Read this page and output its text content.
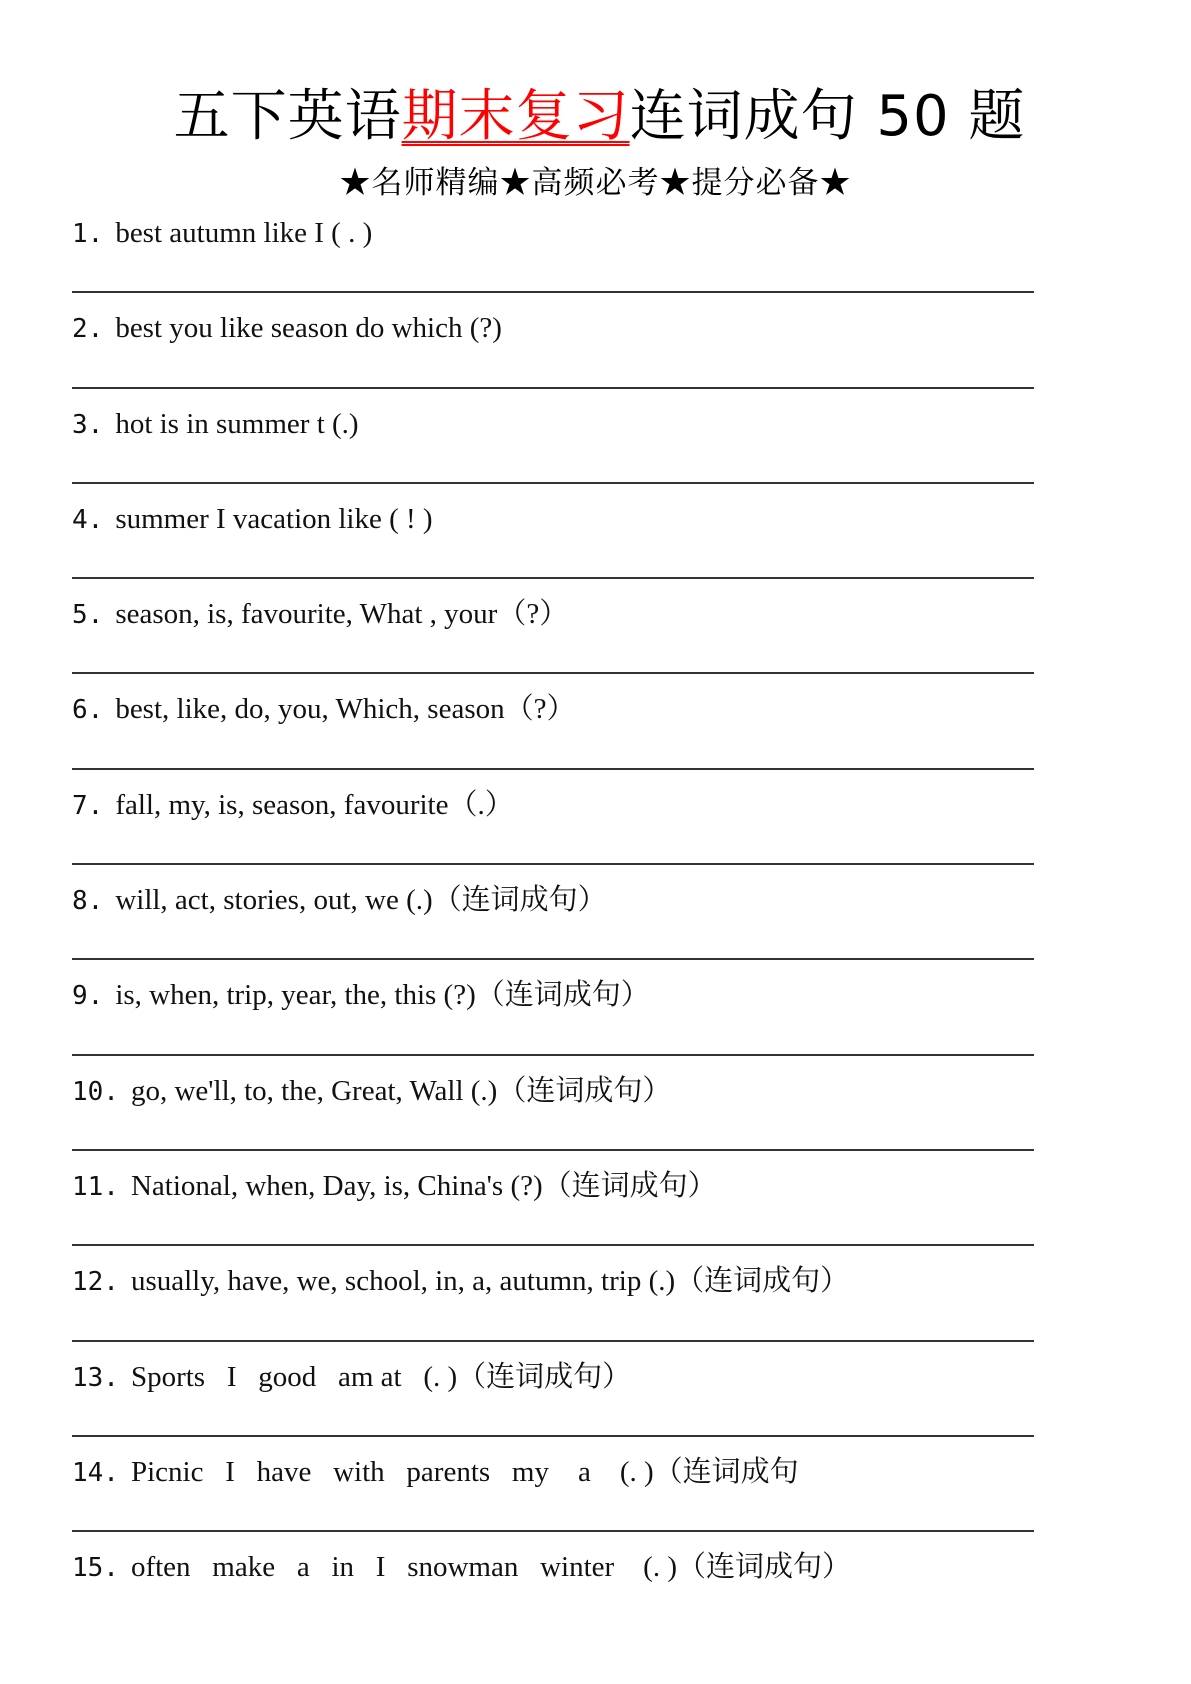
五下英语期末复习连词成句 50 题
★名师精编★高频必考★提分必备★
1. best autumn like I ( . )
2. best you like season do which (?)
3. hot is in summer t (.)
4. summer I vacation like ( ! )
5. season, is, favourite, What , your（?）
6. best, like, do, you, Which, season（?）
7. fall, my, is, season, favourite（.）
8. will, act, stories, out, we (.)（连词成句）
9. is, when, trip, year, the, this (?)（连词成句）
10. go, we'll, to, the, Great, Wall (.)（连词成句）
11. National, when, Day, is, China's (?)（连词成句）
12. usually, have, we, school, in, a, autumn, trip (.)（连词成句）
13. Sports   I   good   am at   (. )（连词成句）
14. Picnic   I   have   with   parents   my    a    (. )（连词成句
15. often   make   a   in   I   snowman   winter    (. )（连词成句）
